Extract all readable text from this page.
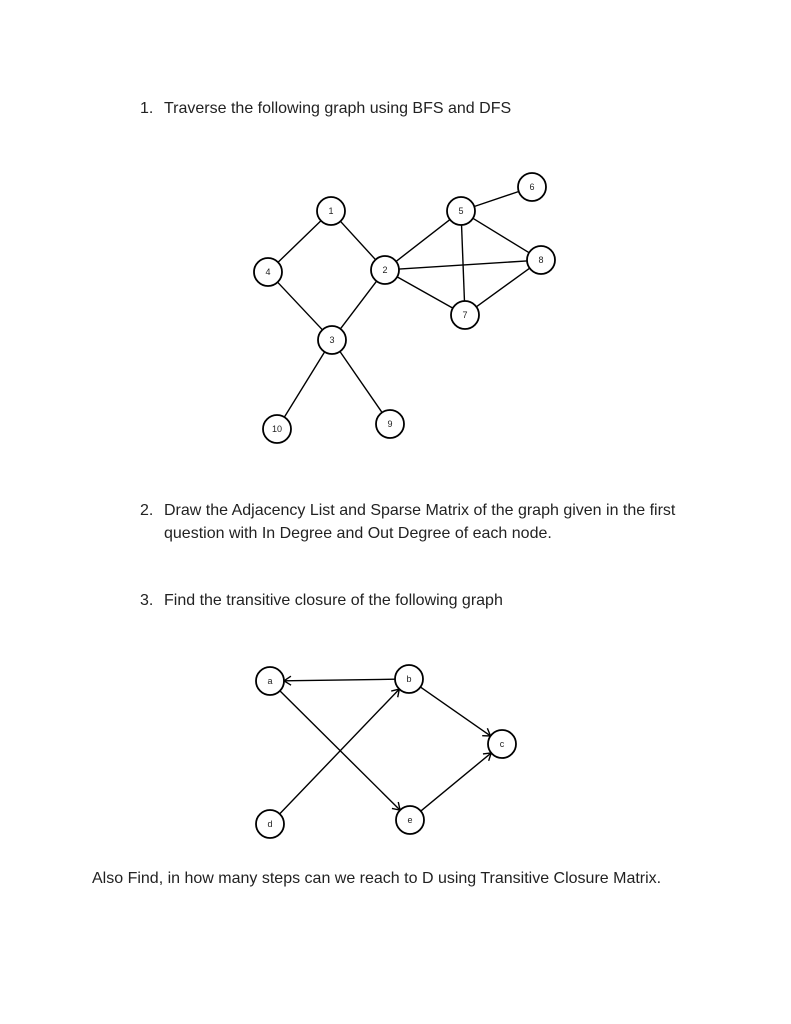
1. Traverse the following graph using BFS and DFS
1
2
3
4
5
6
7
8
9
10
2. Draw the Adjacency List and Sparse Matrix of the graph given in the first question with In Degree and Out Degree of each node.
3. Find the transitive closure of the following graph
a	b
c
d	e
Also Find, in how many steps can we reach to D using Transitive Closure Matrix.
